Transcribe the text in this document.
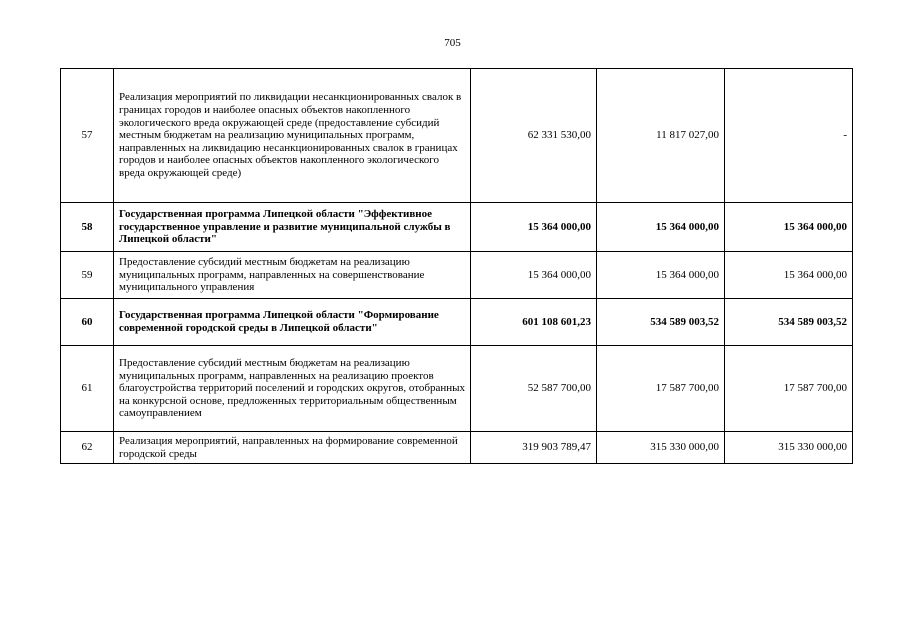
705
57	Реализация мероприятий по ликвидации несанкционированных свалок в границах городов и наиболее опасных объектов накопленного экологического вреда окружающей среде (предоставление субсидий местным бюджетам на реализацию муниципальных программ, направленных на ликвидацию несанкционированных свалок в границах городов и наиболее опасных объектов накопленного экологического вреда окружающей среде)	62 331 530,00	11 817 027,00	-
58	Государственная программа Липецкой области "Эффективное государственное управление и развитие муниципальной службы в Липецкой области"	15 364 000,00	15 364 000,00	15 364 000,00
59	Предоставление субсидий местным бюджетам на реализацию муниципальных программ, направленных на совершенствование муниципального управления	15 364 000,00	15 364 000,00	15 364 000,00
60	Государственная программа Липецкой области "Формирование современной городской среды в Липецкой области"	601 108 601,23	534 589 003,52	534 589 003,52
61	Предоставление субсидий местным бюджетам на реализацию муниципальных программ, направленных на реализацию проектов благоустройства территорий поселений и городских округов, отобранных на конкурсной основе, предложенных территориальным общественным самоуправлением	52 587 700,00	17 587 700,00	17 587 700,00
62	Реализация мероприятий, направленных на формирование современной городской среды	319 903 789,47	315 330 000,00	315 330 000,00
